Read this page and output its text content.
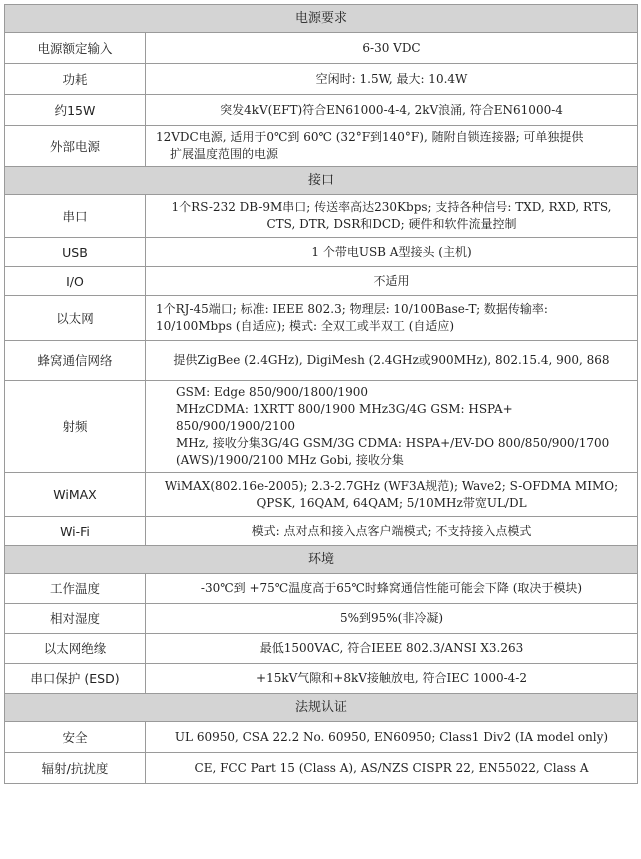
电源要求	
电源额定输入	6-30 VDC
功耗	空闲时: 1.5W, 最大: 10.4W
约15W	突发4kV(EFT)符合EN61000-4-4, 2kV浪涌, 符合EN61000-4
外部电源	12VDC电源, 适用于0℃到 60℃ (32°F到140°F), 随附自锁连接器; 可单独提供
扩展温度范围的电源

接口	
串口	1个RS-232 DB-9M串口; 传送率高达230Kbps; 支持各种信号: TXD, RXD, RTS,
CTS, DTR, DSR和DCD; 硬件和软件流量控制

USB	1 个带电USB A型接头 (主机)
I/O	不适用
以太网	1个RJ-45端口; 标准: IEEE 802.3; 物理层: 10/100Base-T; 数据传输率:
10/100Mbps (自适应); 模式: 全双工或半双工 (自适应)

蜂窝通信网络	提供ZigBee (2.4GHz), DigiMesh (2.4GHz或900MHz), 802.15.4, 900, 868
射频	GSM: Edge 850/900/1800/1900
MHzCDMA: 1XRTT 800/1900 MHz3G/4G GSM: HSPA+ 850/900/1900/2100
MHz, 接收分集3G/4G GSM/3G CDMA: HSPA+/EV-DO 800/850/900/1700
(AWS)/1900/2100 MHz Gobi, 接收分集

WiMAX	WiMAX(802.16e-2005); 2.3-2.7GHz (WF3A规范); Wave2; S-OFDMA MIMO;
QPSK, 16QAM, 64QAM; 5/10MHz带宽UL/DL

Wi-Fi	模式: 点对点和接入点客户端模式; 不支持接入点模式
环境	
工作温度	-30℃到 +75℃温度高于65℃时蜂窝通信性能可能会下降 (取决于模块)
相对湿度	5%到95%(非冷凝)
以太网绝缘	最低1500VAC, 符合IEEE 802.3/ANSI X3.263
串口保护 (ESD)	+15kV气隙和+8kV接触放电, 符合IEC 1000-4-2
法规认证	
安全	UL 60950, CSA 22.2 No. 60950, EN60950; Class1 Div2 (IA model only)
辐射/抗扰度	CE, FCC Part 15 (Class A), AS/NZS CISPR 22, EN55022, Class A
